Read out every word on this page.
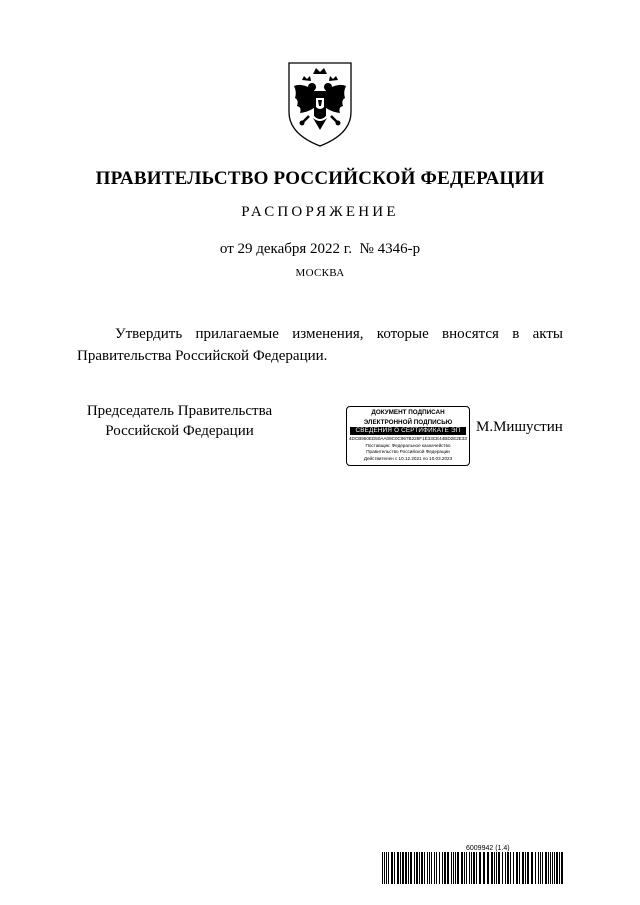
ПРАВИТЕЛЬСТВО РОССИЙСКОЙ ФЕДЕРАЦИИ
РАСПОРЯЖЕНИЕ
от 29 декабря 2022 г. № 4346-р
МОСКВА
Утвердить прилагаемые изменения, которые вносятся в акты
Правительства Российской Федерации.
Председатель Правительства
Российской Федерации
ДОКУМЕНТ ПОДПИСАН
ЭЛЕКТРОННОЙ ПОДПИСЬЮ
СВЕДЕНИЯ О СЕРТИФИКАТЕ ЭП
4DCB950ED50AA08C0C967B228F1E33CE44BD2E2E33
Поставщик: Федеральное казначейство
Правительство Российской Федерации
Действителен с 10.12.2021 по 10.03.2023
М.Мишустин
6009942 (1.4)
